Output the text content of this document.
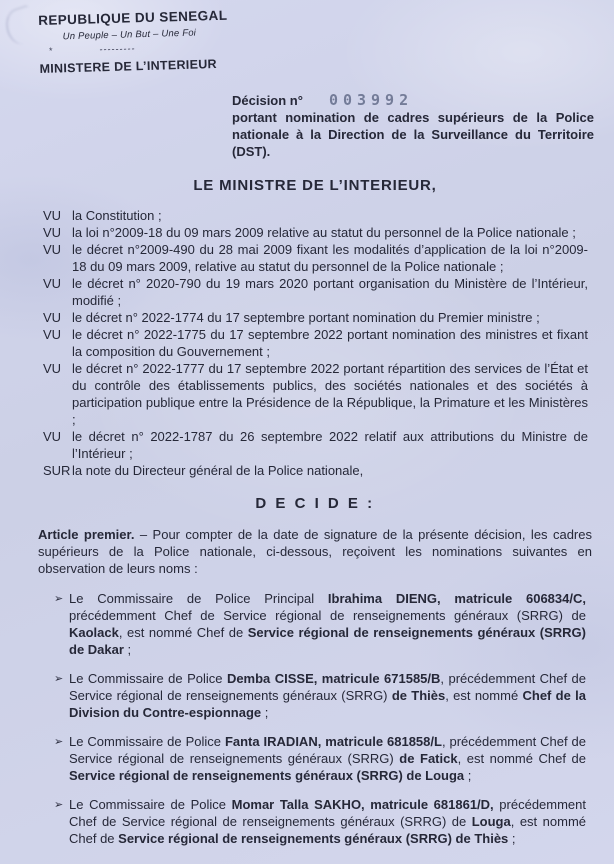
REPUBLIQUE DU SENEGAL
Un Peuple – Un But – Une Foi
*	---------
MINISTERE DE L’INTERIEUR
Décision n° 003992
portant nomination de cadres supérieurs de la Police nationale à la Direction de la Surveillance du Territoire (DST).
LE MINISTRE DE L’INTERIEUR,
VU la Constitution ;
VU la loi n°2009-18 du 09 mars 2009 relative au statut du personnel de la Police nationale ;
VU le décret n°2009-490 du 28 mai 2009 fixant les modalités d’application de la loi n°2009-18 du 09 mars 2009, relative au statut du personnel de la Police nationale ;
VU le décret n° 2020-790 du 19 mars 2020 portant organisation du Ministère de l’Intérieur, modifié ;
VU le décret n° 2022-1774 du 17 septembre portant nomination du Premier ministre ;
VU le décret n° 2022-1775 du 17 septembre 2022 portant nomination des ministres et fixant la composition du Gouvernement ;
VU le décret n° 2022-1777 du 17 septembre 2022 portant répartition des services de l’État et du contrôle des établissements publics, des sociétés nationales et des sociétés à participation publique entre la Présidence de la République, la Primature et les Ministères ;
VU le décret n° 2022-1787 du 26 septembre 2022 relatif aux attributions du Ministre de l’Intérieur ;
SUR la note du Directeur général de la Police nationale,
D E C I D E :

Article premier. – Pour compter de la date de signature de la présente décision, les cadres supérieurs de la Police nationale, ci-dessous, reçoivent les nominations suivantes en observation de leurs noms :

➢ Le Commissaire de Police Principal Ibrahima DIENG, matricule 606834/C, précédemment Chef de Service régional de renseignements généraux (SRRG) de Kaolack, est nommé Chef de Service régional de renseignements généraux (SRRG) de Dakar ;
➢ Le Commissaire de Police Demba CISSE, matricule 671585/B, précédemment Chef de Service régional de renseignements généraux (SRRG) de Thiès, est nommé Chef de la Division du Contre-espionnage ;
➢ Le Commissaire de Police Fanta IRADIAN, matricule 681858/L, précédemment Chef de Service régional de renseignements généraux (SRRG) de Fatick, est nommé Chef de Service régional de renseignements généraux (SRRG) de Louga ;
➢ Le Commissaire de Police Momar Talla SAKHO, matricule 681861/D, précédemment Chef de Service régional de renseignements généraux (SRRG) de Louga, est nommé Chef de Service régional de renseignements généraux (SRRG) de Thiès ;
